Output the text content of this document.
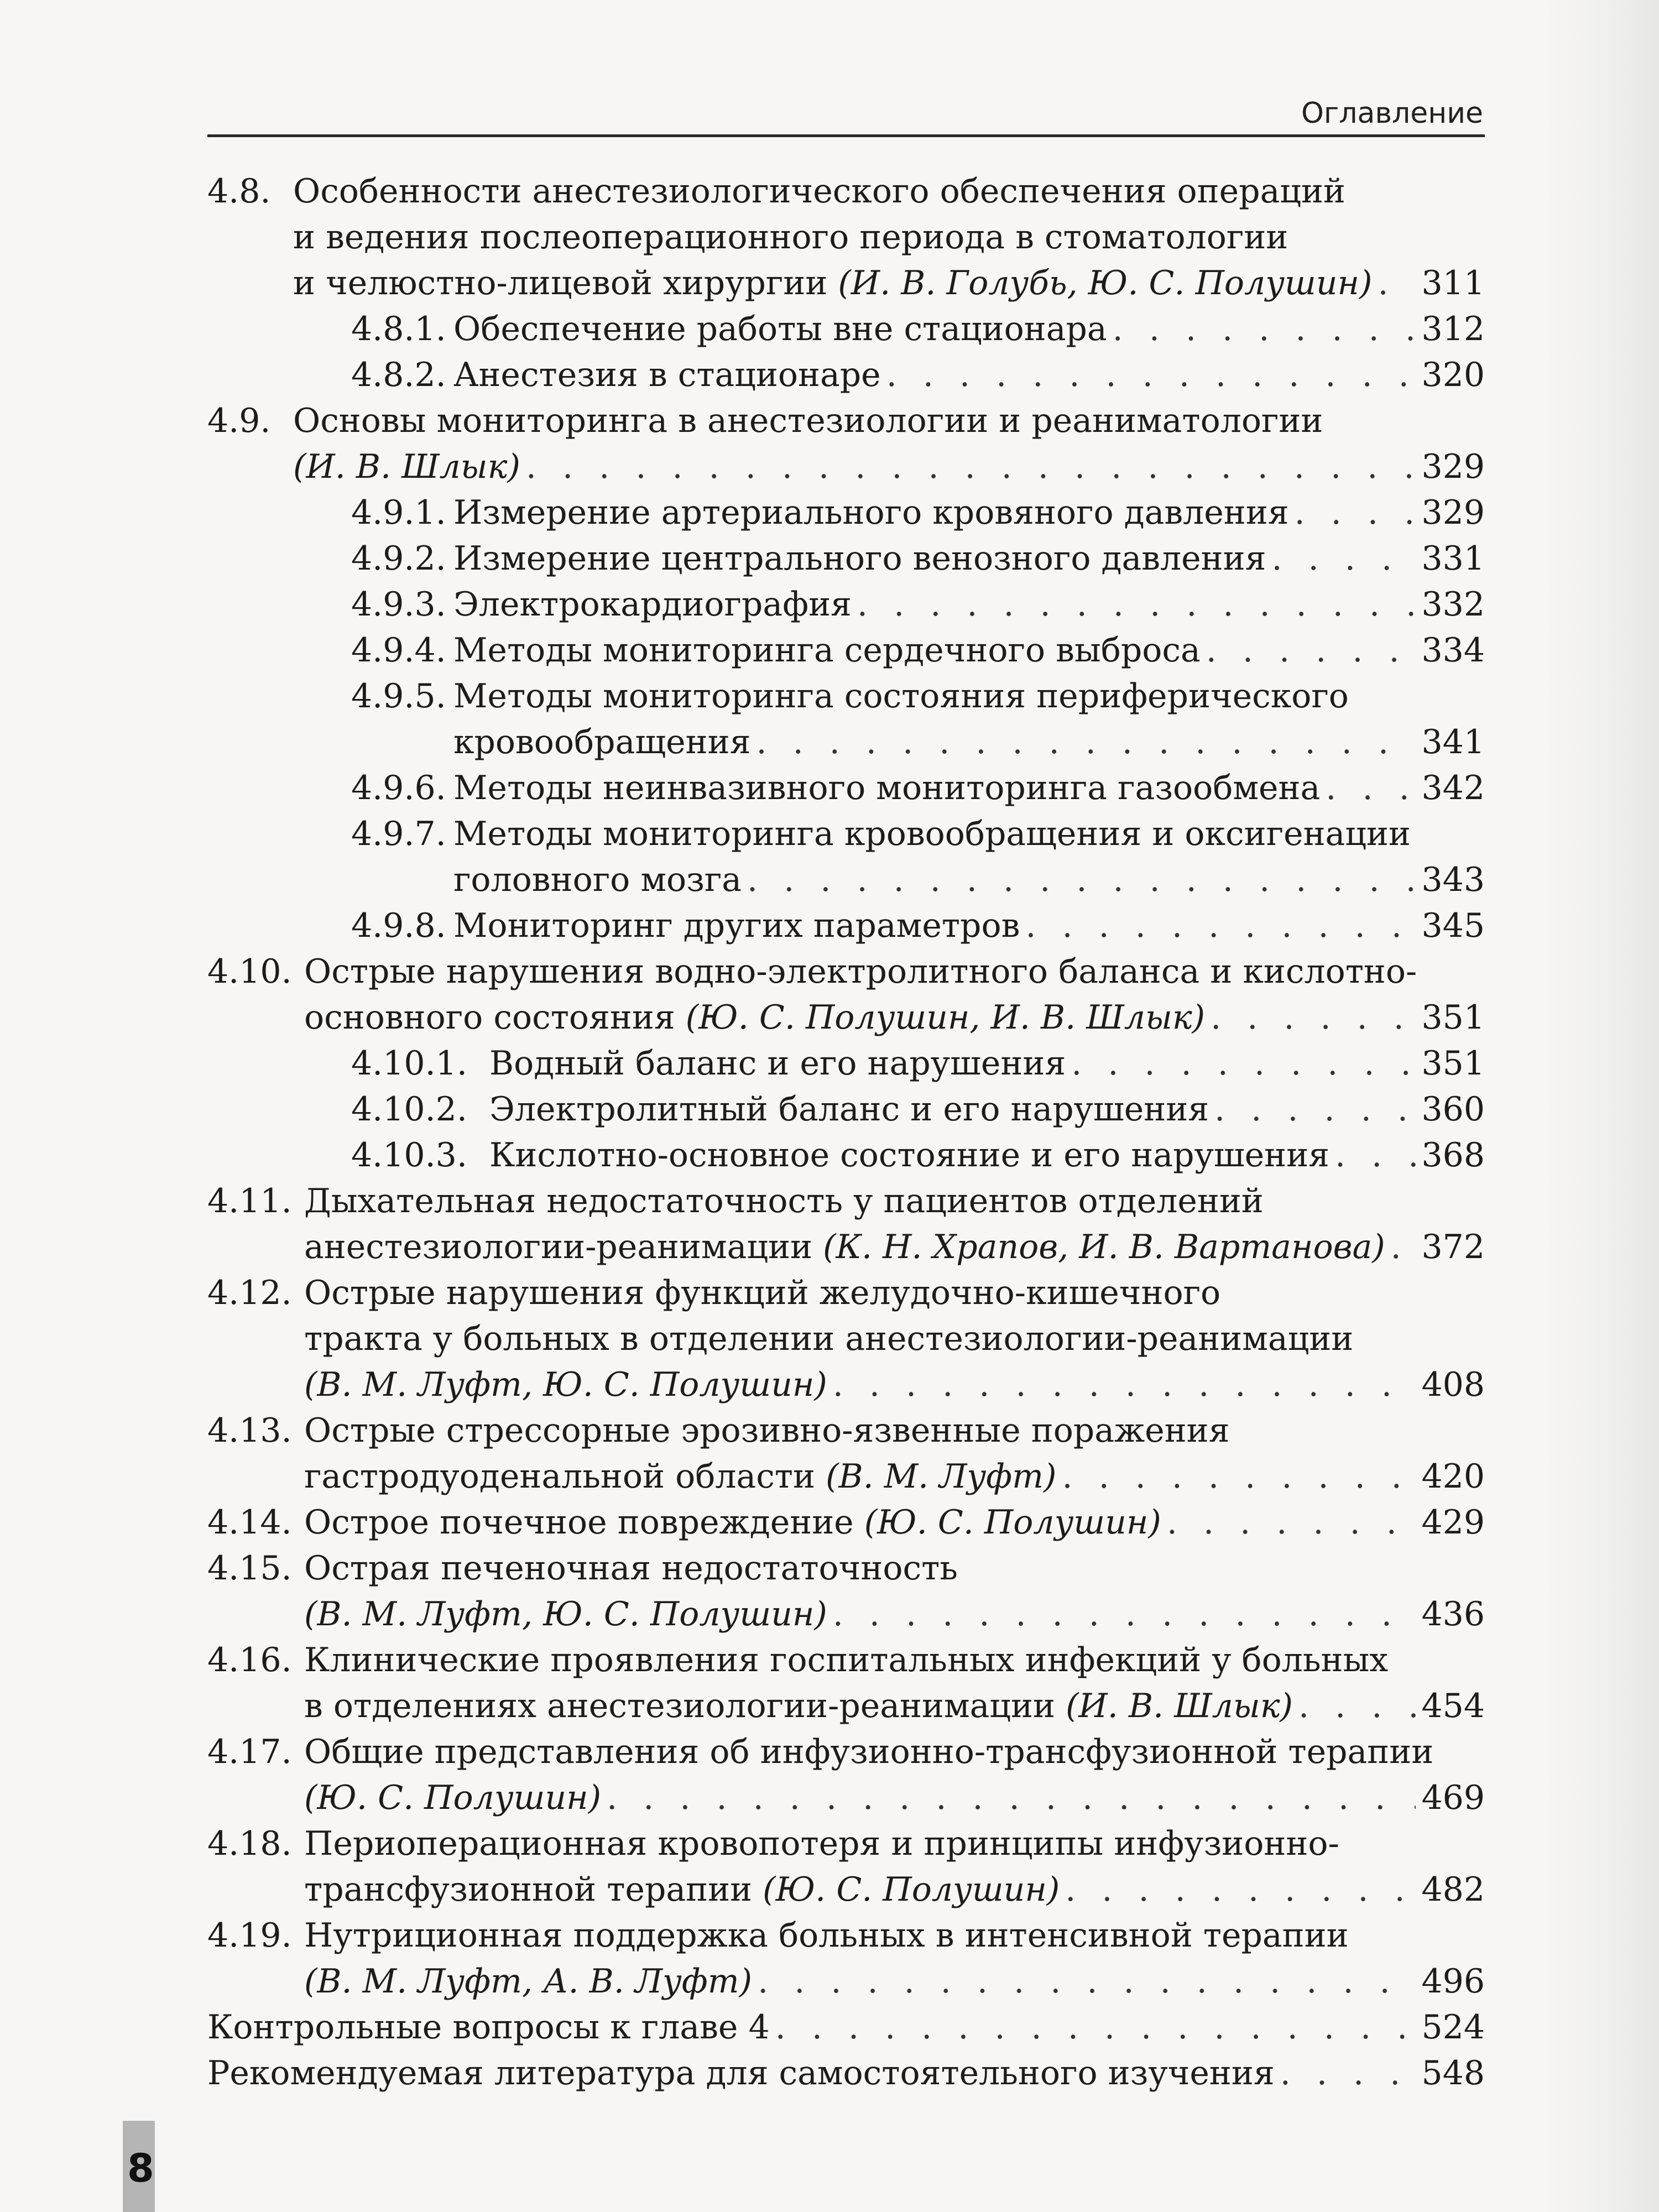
Оглавление
4.8. Особенности анестезиологического обеспечения операций
и ведения послеоперационного периода в стоматологии
и челюстно-лицевой хирургии (И. В. Голубь, Ю. С. Полушин) . . . 311
4.8.1. Обеспечение работы вне стационара . . .	312
4.8.2. Анестезия в стационаре . . .	320
4.9. Основы мониторинга в анестезиологии и реаниматологии
(И. В. Шлык) . . .	329
4.9.1. Измерение артериального кровяного давления . . .	329
4.9.2. Измерение центрального венозного давления . . .	331
4.9.3. Электрокардиография . . .	332
4.9.4. Методы мониторинга сердечного выброса . . .	334
4.9.5. Методы мониторинга состояния периферического
кровообращения . . .	341
4.9.6. Методы неинвазивного мониторинга газообмена . . .	342
4.9.7. Методы мониторинга кровообращения и оксигенации
головного мозга . . .	343
4.9.8. Мониторинг других параметров . . .	345
4.10. Острые нарушения водно-электролитного баланса и кислотно-
основного состояния (Ю. С. Полушин, И. В. Шлык) . . .	351
4.10.1. Водный баланс и его нарушения . . .	351
4.10.2. Электролитный баланс и его нарушения . . .	360
4.10.3. Кислотно-основное состояние и его нарушения . . .	368
4.11. Дыхательная недостаточность у пациентов отделений
анестезиологии-реанимации (К. Н. Храпов, И. В. Вартанова) . . . 372
4.12. Острые нарушения функций желудочно-кишечного
тракта у больных в отделении анестезиологии-реанимации
(В. М. Луфт, Ю. С. Полушин) . . .	408
4.13. Острые стрессорные эрозивно-язвенные поражения
гастродуоденальной области (В. М. Луфт) . . .	420
4.14. Острое почечное повреждение (Ю. С. Полушин) . . .	429
4.15. Острая печеночная недостаточность
(В. М. Луфт, Ю. С. Полушин) . . .	436
4.16. Клинические проявления госпитальных инфекций у больных
в отделениях анестезиологии-реанимации (И. В. Шлык) . . .	454
4.17. Общие представления об инфузионно-трансфузионной терапии
(Ю. С. Полушин) . . .	469
4.18. Периоперационная кровопотеря и принципы инфузионно-
трансфузионной терапии (Ю. С. Полушин) . . .	482
4.19. Нутриционная поддержка больных в интенсивной терапии
(В. М. Луфт, А. В. Луфт) . . .	496
Контрольные вопросы к главе 4 . . .	524
Рекомендуемая литература для самостоятельного изучения . . .	548
8
